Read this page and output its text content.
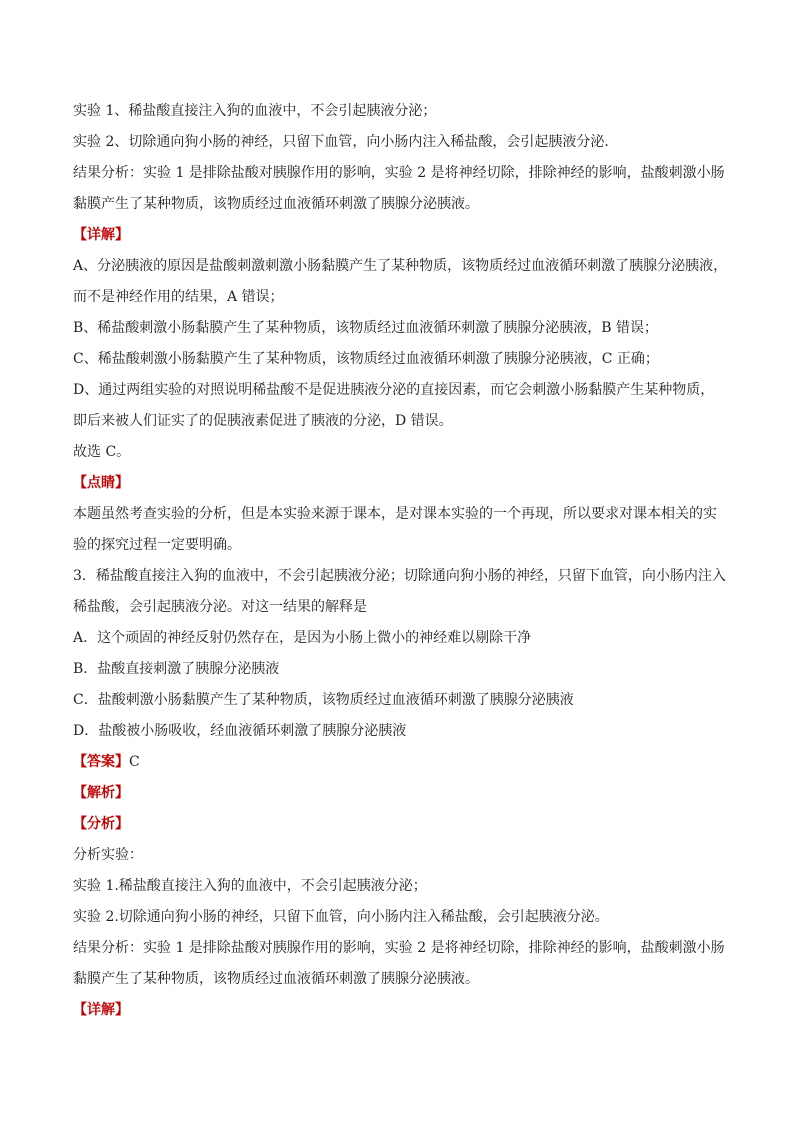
实验 1、稀盐酸直接注入狗的血液中，不会引起胰液分泌；
实验 2、切除通向狗小肠的神经，只留下血管，向小肠内注入稀盐酸，会引起胰液分泌．
结果分析：实验 1 是排除盐酸对胰腺作用的影响，实验 2 是将神经切除，排除神经的影响，盐酸刺激小肠
黏膜产生了某种物质，该物质经过血液循环刺激了胰腺分泌胰液。
【详解】
A、分泌胰液的原因是盐酸刺激刺激小肠黏膜产生了某种物质，该物质经过血液循环刺激了胰腺分泌胰液，
而不是神经作用的结果，A 错误；
B、稀盐酸刺激小肠黏膜产生了某种物质，该物质经过血液循环刺激了胰腺分泌胰液，B 错误；
C、稀盐酸刺激小肠黏膜产生了某种物质，该物质经过血液循环刺激了胰腺分泌胰液，C 正确；
D、通过两组实验的对照说明稀盐酸不是促进胰液分泌的直接因素，而它会刺激小肠黏膜产生某种物质，
即后来被人们证实了的促胰液素促进了胰液的分泌，D 错误。
故选 C。
【点睛】
本题虽然考查实验的分析，但是本实验来源于课本，是对课本实验的一个再现，所以要求对课本相关的实
验的探究过程一定要明确。
3．稀盐酸直接注入狗的血液中，不会引起胰液分泌；切除通向狗小肠的神经，只留下血管，向小肠内注入
稀盐酸，会引起胰液分泌。对这一结果的解释是
A．这个顽固的神经反射仍然存在，是因为小肠上微小的神经难以剔除干净
B．盐酸直接刺激了胰腺分泌胰液
C．盐酸刺激小肠黏膜产生了某种物质，该物质经过血液循环刺激了胰腺分泌胰液
D．盐酸被小肠吸收，经血液循环刺激了胰腺分泌胰液
【答案】C
【解析】
【分析】
分析实验：
实验 1.稀盐酸直接注入狗的血液中，不会引起胰液分泌；
实验 2.切除通向狗小肠的神经，只留下血管，向小肠内注入稀盐酸，会引起胰液分泌。
结果分析：实验 1 是排除盐酸对胰腺作用的影响，实验 2 是将神经切除，排除神经的影响，盐酸刺激小肠
黏膜产生了某种物质，该物质经过血液循环刺激了胰腺分泌胰液。
【详解】
